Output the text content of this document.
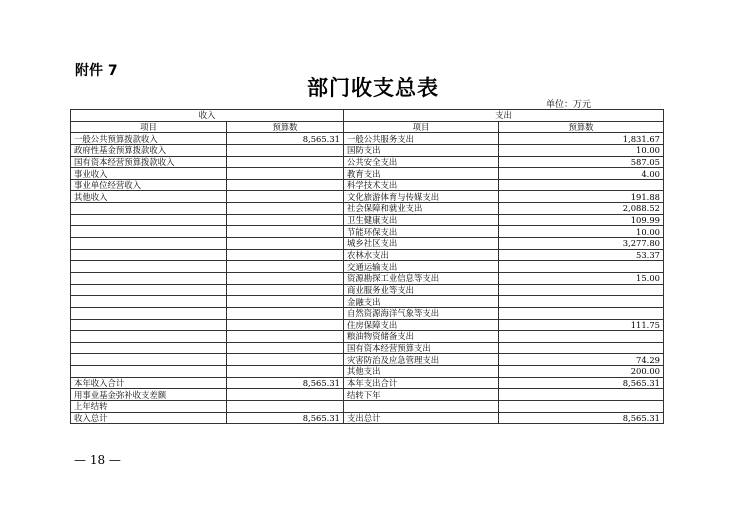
附件 7
部门收支总表
单位：万元
收入		支出	
项目	预算数	项目	预算数
一般公共预算拨款收入	8,565.31	一般公共服务支出	1,831.67
政府性基金预算拨款收入		国防支出	10.00
国有资本经营预算拨款收入		公共安全支出	587.05
事业收入		教育支出	4.00
事业单位经营收入		科学技术支出	
其他收入		文化旅游体育与传媒支出	191.88
		社会保障和就业支出	2,088.52
		卫生健康支出	109.99
		节能环保支出	10.00
		城乡社区支出	3,277.80
		农林水支出	53.37
		交通运输支出	
		资源勘探工业信息等支出	15.00
		商业服务业等支出	
		金融支出	
		自然资源海洋气象等支出	
		住房保障支出	111.75
		粮油物资储备支出	
		国有资本经营预算支出	
		灾害防治及应急管理支出	74.29
		其他支出	200.00
本年收入合计	8,565.31	本年支出合计	8,565.31
用事业基金弥补收支差额		结转下年	
上年结转			
收入总计	8,565.31	支出总计	8,565.31
— 18 —
